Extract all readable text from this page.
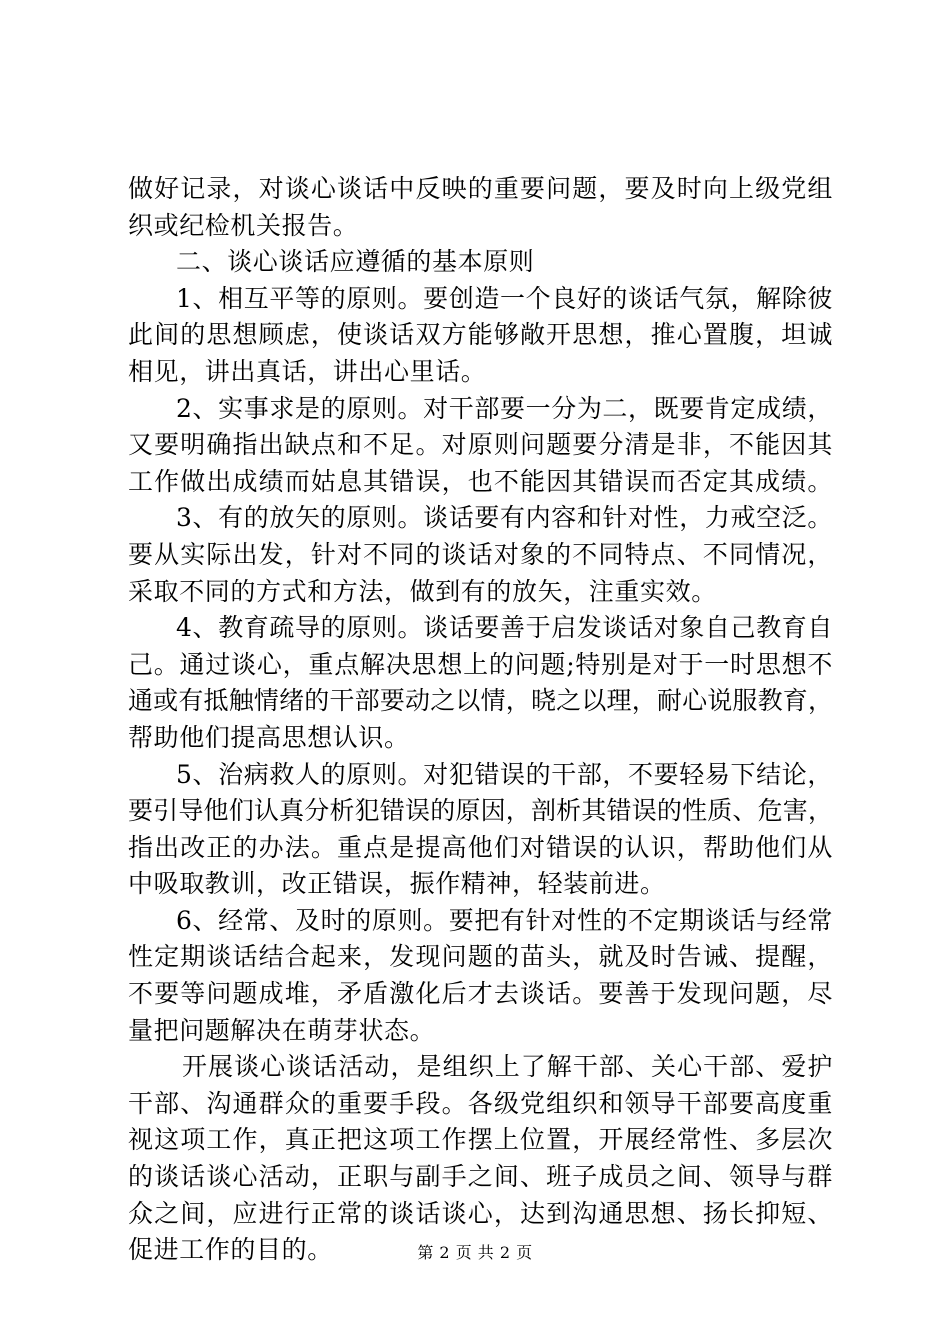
做好记录，对谈心谈话中反映的重要问题，要及时向上级党组
织或纪检机关报告。
二、谈心谈话应遵循的基本原则
1、相互平等的原则。要创造一个良好的谈话气氛，解除彼
此间的思想顾虑，使谈话双方能够敞开思想，推心置腹，坦诚
相见，讲出真话，讲出心里话。
2、实事求是的原则。对干部要一分为二，既要肯定成绩，
又要明确指出缺点和不足。对原则问题要分清是非，不能因其
工作做出成绩而姑息其错误，也不能因其错误而否定其成绩。
3、有的放矢的原则。谈话要有内容和针对性，力戒空泛。
要从实际出发，针对不同的谈话对象的不同特点、不同情况，
采取不同的方式和方法，做到有的放矢，注重实效。
4、教育疏导的原则。谈话要善于启发谈话对象自己教育自
己。通过谈心，重点解决思想上的问题;特别是对于一时思想不
通或有抵触情绪的干部要动之以情，晓之以理，耐心说服教育，
帮助他们提高思想认识。
5、治病救人的原则。对犯错误的干部，不要轻易下结论，
要引导他们认真分析犯错误的原因，剖析其错误的性质、危害，
指出改正的办法。重点是提高他们对错误的认识，帮助他们从
中吸取教训，改正错误，振作精神，轻装前进。
6、经常、及时的原则。要把有针对性的不定期谈话与经常
性定期谈话结合起来，发现问题的苗头，就及时告诫、提醒，
不要等问题成堆，矛盾激化后才去谈话。要善于发现问题，尽
量把问题解决在萌芽状态。
开展谈心谈话活动，是组织上了解干部、关心干部、爱护
干部、沟通群众的重要手段。各级党组织和领导干部要高度重
视这项工作，真正把这项工作摆上位置，开展经常性、多层次
的谈话谈心活动，正职与副手之间、班子成员之间、领导与群
众之间，应进行正常的谈话谈心，达到沟通思想、扬长抑短、
促进工作的目的。	第 2 页 共 2 页
